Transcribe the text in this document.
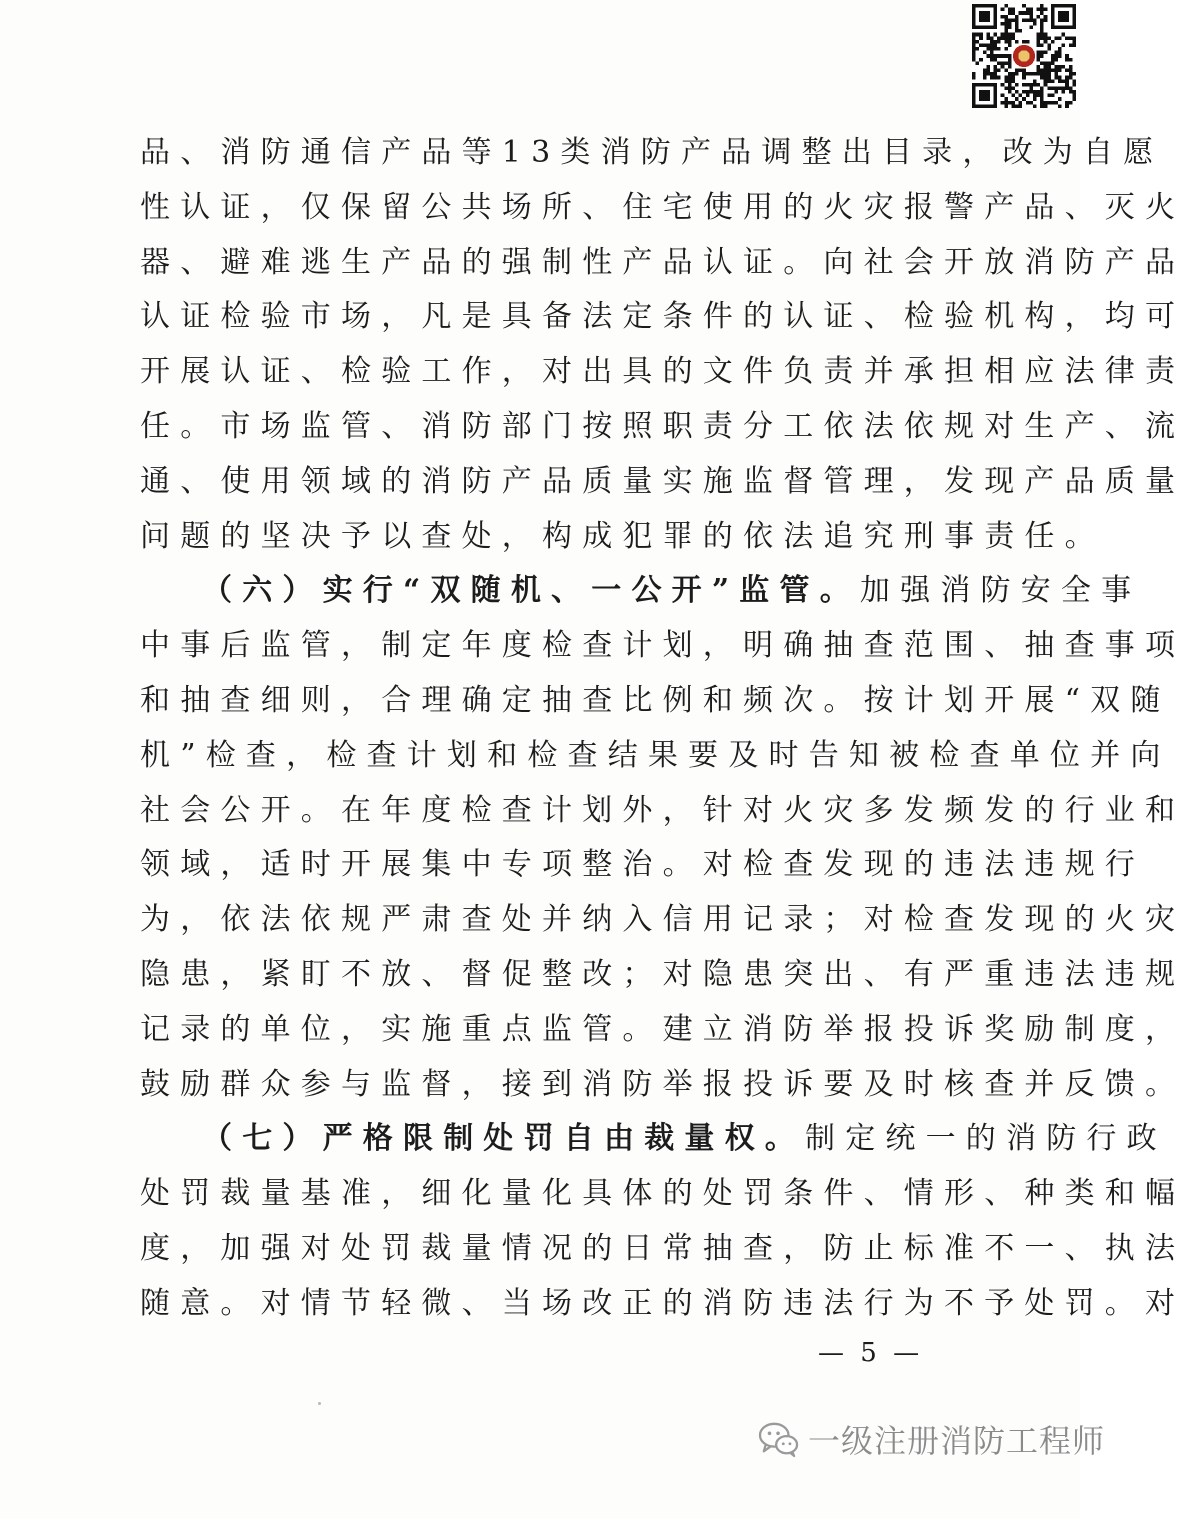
品、消防通信产品等13类消防产品调整出目录，改为自愿
性认证，仅保留公共场所、住宅使用的火灾报警产品、灭火
器、避难逃生产品的强制性产品认证。向社会开放消防产品
认证检验市场，凡是具备法定条件的认证、检验机构，均可
开展认证、检验工作，对出具的文件负责并承担相应法律责
任。市场监管、消防部门按照职责分工依法依规对生产、流
通、使用领域的消防产品质量实施监督管理，发现产品质量
问题的坚决予以查处，构成犯罪的依法追究刑事责任。
（六）实行“双随机、一公开”监管。加强消防安全事
中事后监管，制定年度检查计划，明确抽查范围、抽查事项
和抽查细则，合理确定抽查比例和频次。按计划开展“双随
机”检查，检查计划和检查结果要及时告知被检查单位并向
社会公开。在年度检查计划外，针对火灾多发频发的行业和
领域，适时开展集中专项整治。对检查发现的违法违规行
为，依法依规严肃查处并纳入信用记录；对检查发现的火灾
隐患，紧盯不放、督促整改；对隐患突出、有严重违法违规
记录的单位，实施重点监管。建立消防举报投诉奖励制度，
鼓励群众参与监督，接到消防举报投诉要及时核查并反馈。
（七）严格限制处罚自由裁量权。制定统一的消防行政
处罚裁量基准，细化量化具体的处罚条件、情形、种类和幅
度，加强对处罚裁量情况的日常抽查，防止标准不一、执法
随意。对情节轻微、当场改正的消防违法行为不予处罚。对
— 5 —
一级注册消防工程师
